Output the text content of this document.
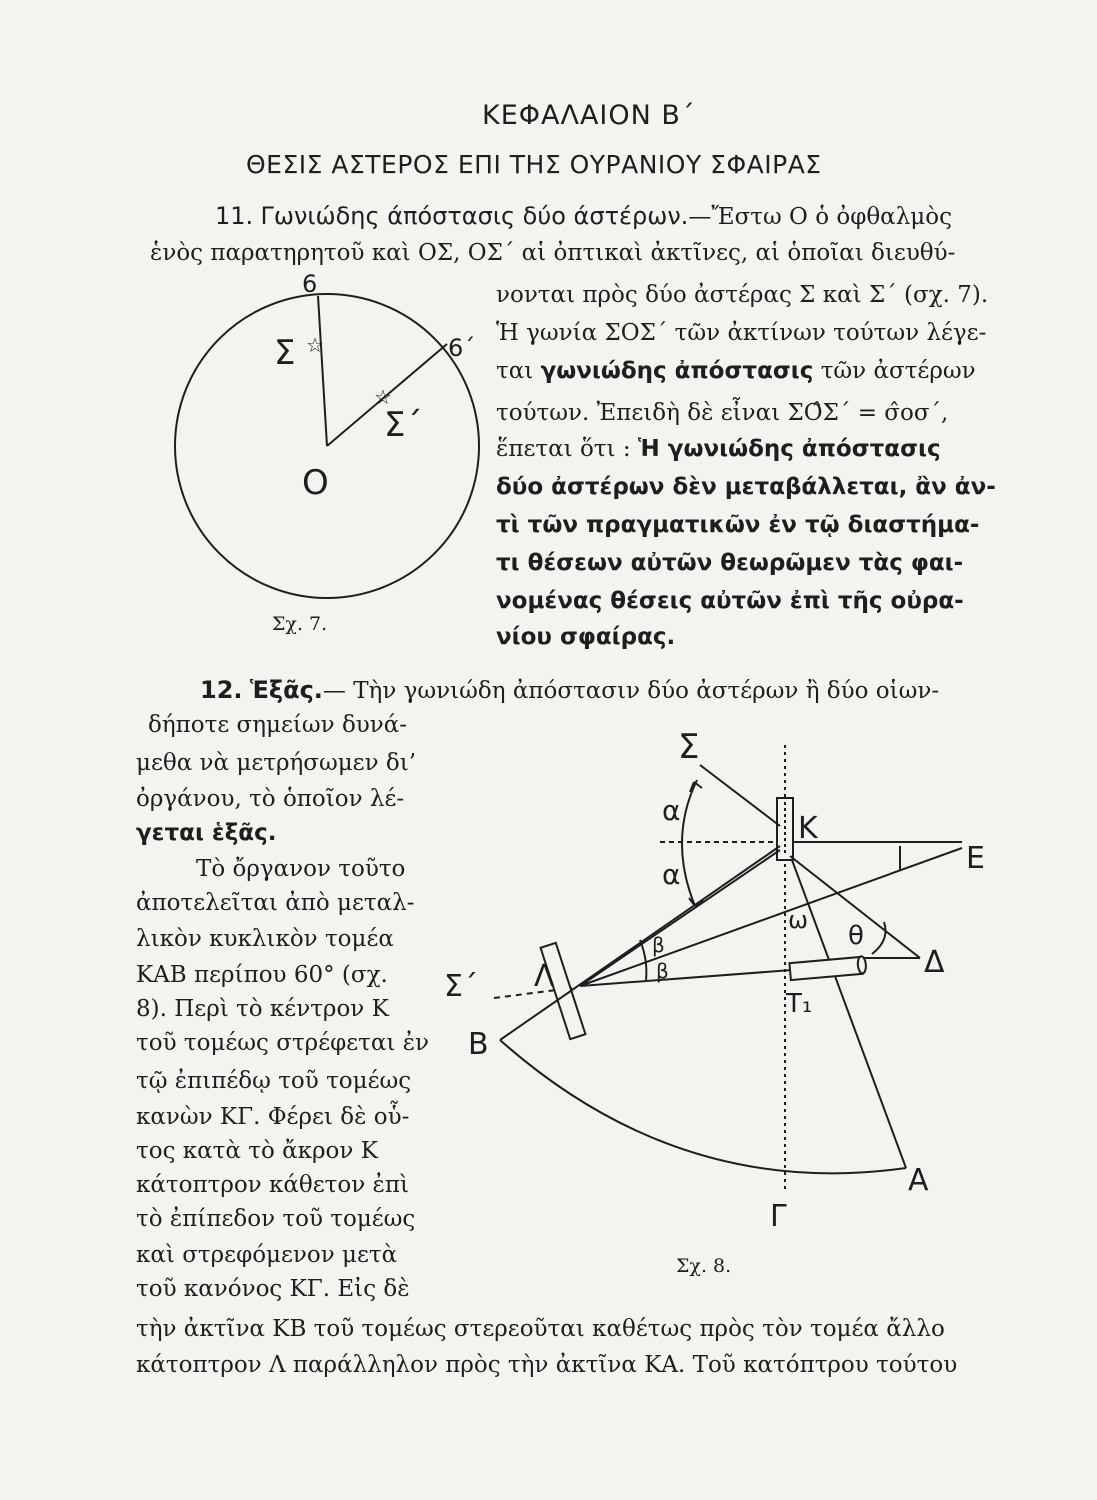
ΚΕΦΑΛΑΙΟΝ Β΄
ΘΕΣΙΣ ΑΣΤΕΡΟΣ ΕΠΙ ΤΗΣ ΟΥΡΑΝΙΟΥ ΣΦΑΙΡΑΣ
11. Γωνιώδης άπόστασις δύο άστέρων.—Ἔστω Ο ὁ ὀφθαλμὸς
ἑνὸς παρατηρητοῦ καὶ ΟΣ, ΟΣ΄ αἱ ὀπτικαὶ ἀκτῖνες, αἱ ὁποῖαι διευθύ-
νονται πρὸς δύο ἀστέρας Σ καὶ Σ΄ (σχ. 7).
Ἡ γωνία ΣΟΣ΄ τῶν ἀκτίνων τούτων λέγε-
ται γωνιώδης ἀπόστασις τῶν ἀστέρων
τούτων. Ἐπειδὴ δὲ εἶναι ΣΟ̂Σ΄ = σ̂οσ΄,
ἕπεται ὅτι : Ἡ γωνιώδης ἀπόστασις
δύο ἀστέρων δὲν μεταβάλλεται, ἂν ἀν-
τὶ τῶν πραγματικῶν ἐν τῷ διαστήμα-
τι θέσεων αὐτῶν θεωρῶμεν τὰς φαι-
νομένας θέσεις αὐτῶν ἐπὶ τῆς οὐρα-
νίου σφαίρας.
6
6΄
Σ ☆
☆
Σ΄
O
Σχ. 7.
Σ
K
E
α
α
ω
θ
Δ
β
β
Λ
Σ΄	T₁
B
A
Γ
Σχ. 8.
12. Ἑξᾶς.— Τὴν γωνιώδη ἀπόστασιν δύο ἀστέρων ἢ δύο οἱων-
δήποτε σημείων δυνά-
μεθα νὰ μετρήσωμεν δι’
ὀργάνου, τὸ ὁποῖον λέ-
γεται ἑξᾶς.
Τὸ ὄργανον τοῦτο
ἀποτελεῖται ἀπὸ μεταλ-
λικὸν κυκλικὸν τομέα
ΚΑΒ περίπου 60° (σχ.
8). Περὶ τὸ κέντρον Κ
τοῦ τομέως στρέφεται ἐν
τῷ ἐπιπέδῳ τοῦ τομέως
κανὼν ΚΓ. Φέρει δὲ οὗ-
τος κατὰ τὸ ἄκρον Κ
κάτοπτρον κάθετον ἐπὶ
τὸ ἐπίπεδον τοῦ τομέως
καὶ στρεφόμενον μετὰ
τοῦ κανόνος ΚΓ. Εἰς δὲ
τὴν ἀκτῖνα ΚΒ τοῦ τομέως στερεοῦται καθέτως πρὸς τὸν τομέα ἄλλο
κάτοπτρον Λ παράλληλον πρὸς τὴν ἀκτῖνα ΚΑ. Τοῦ κατόπτρου τούτου
